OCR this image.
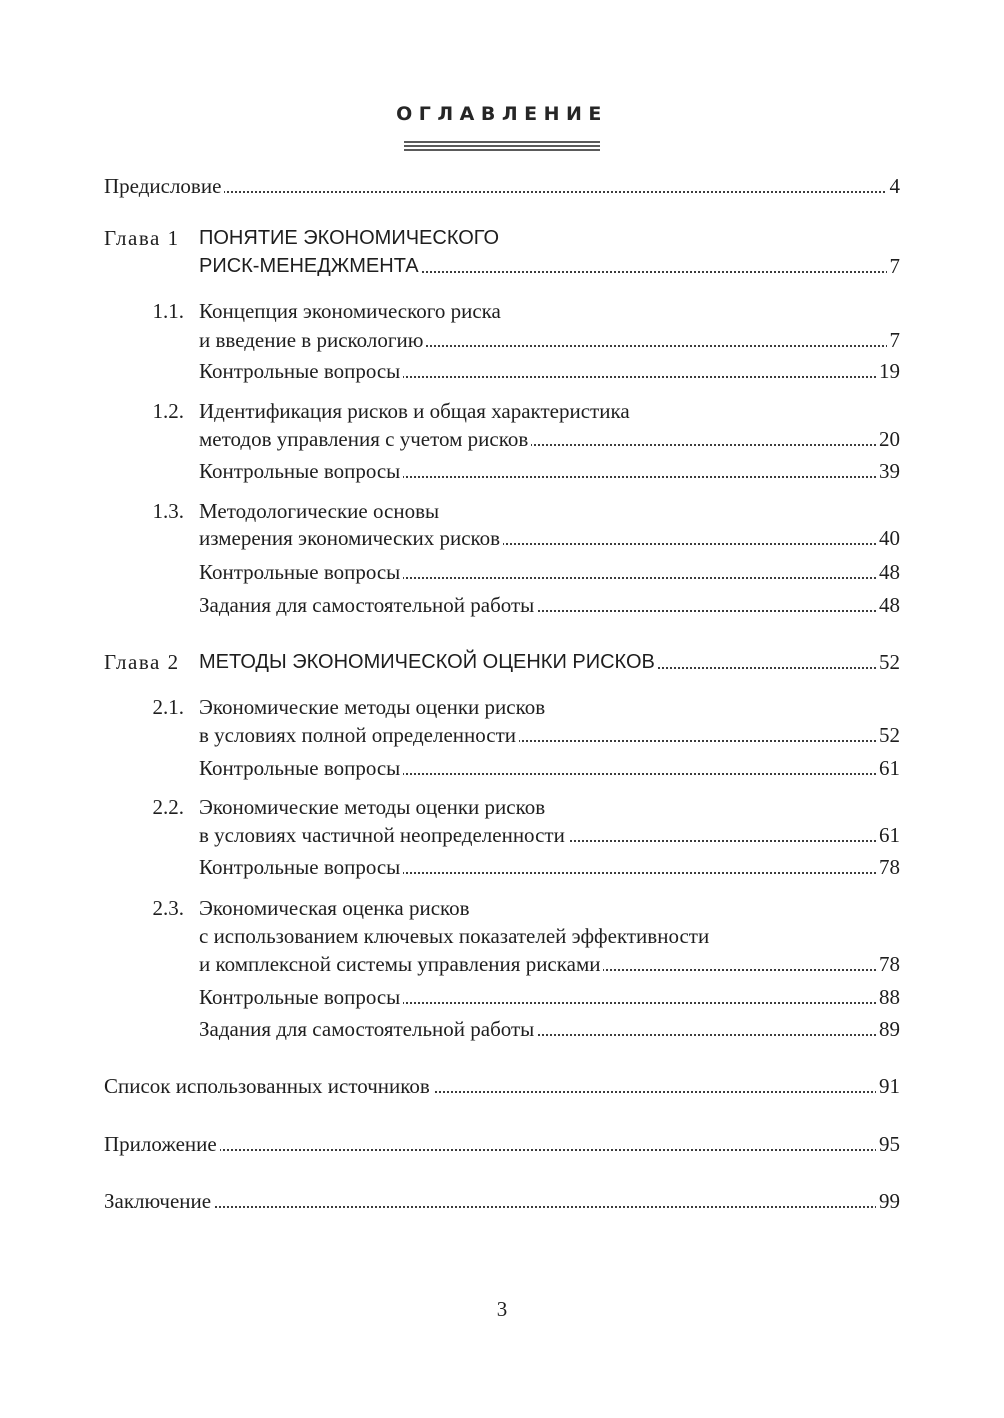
ОГЛАВЛЕНИЕ
Предисловие	4
Глава 1 ПОНЯТИЕ ЭКОНОМИЧЕСКОГО
РИСК-МЕНЕДЖМЕНТА	7
1.1. Концепция экономического риска
и введение в рискологию	7
Контрольные вопросы	19
1.2. Идентификация рисков и общая характеристика
методов управления с учетом рисков	20
Контрольные вопросы	39
1.3. Методологические основы
измерения экономических рисков	40
Контрольные вопросы	48
Задания для самостоятельной работы	48
Глава 2 МЕТОДЫ ЭКОНОМИЧЕСКОЙ ОЦЕНКИ РИСКОВ	52
2.1. Экономические методы оценки рисков
в условиях полной определенности	52
Контрольные вопросы	61
2.2. Экономические методы оценки рисков
в условиях частичной неопределенности	61
Контрольные вопросы	78
2.3. Экономическая оценка рисков
с использованием ключевых показателей эффективности
и комплексной системы управления рисками	78
Контрольные вопросы	88
Задания для самостоятельной работы	89
Список использованных источников	91
Приложение	95
Заключение	99
3
